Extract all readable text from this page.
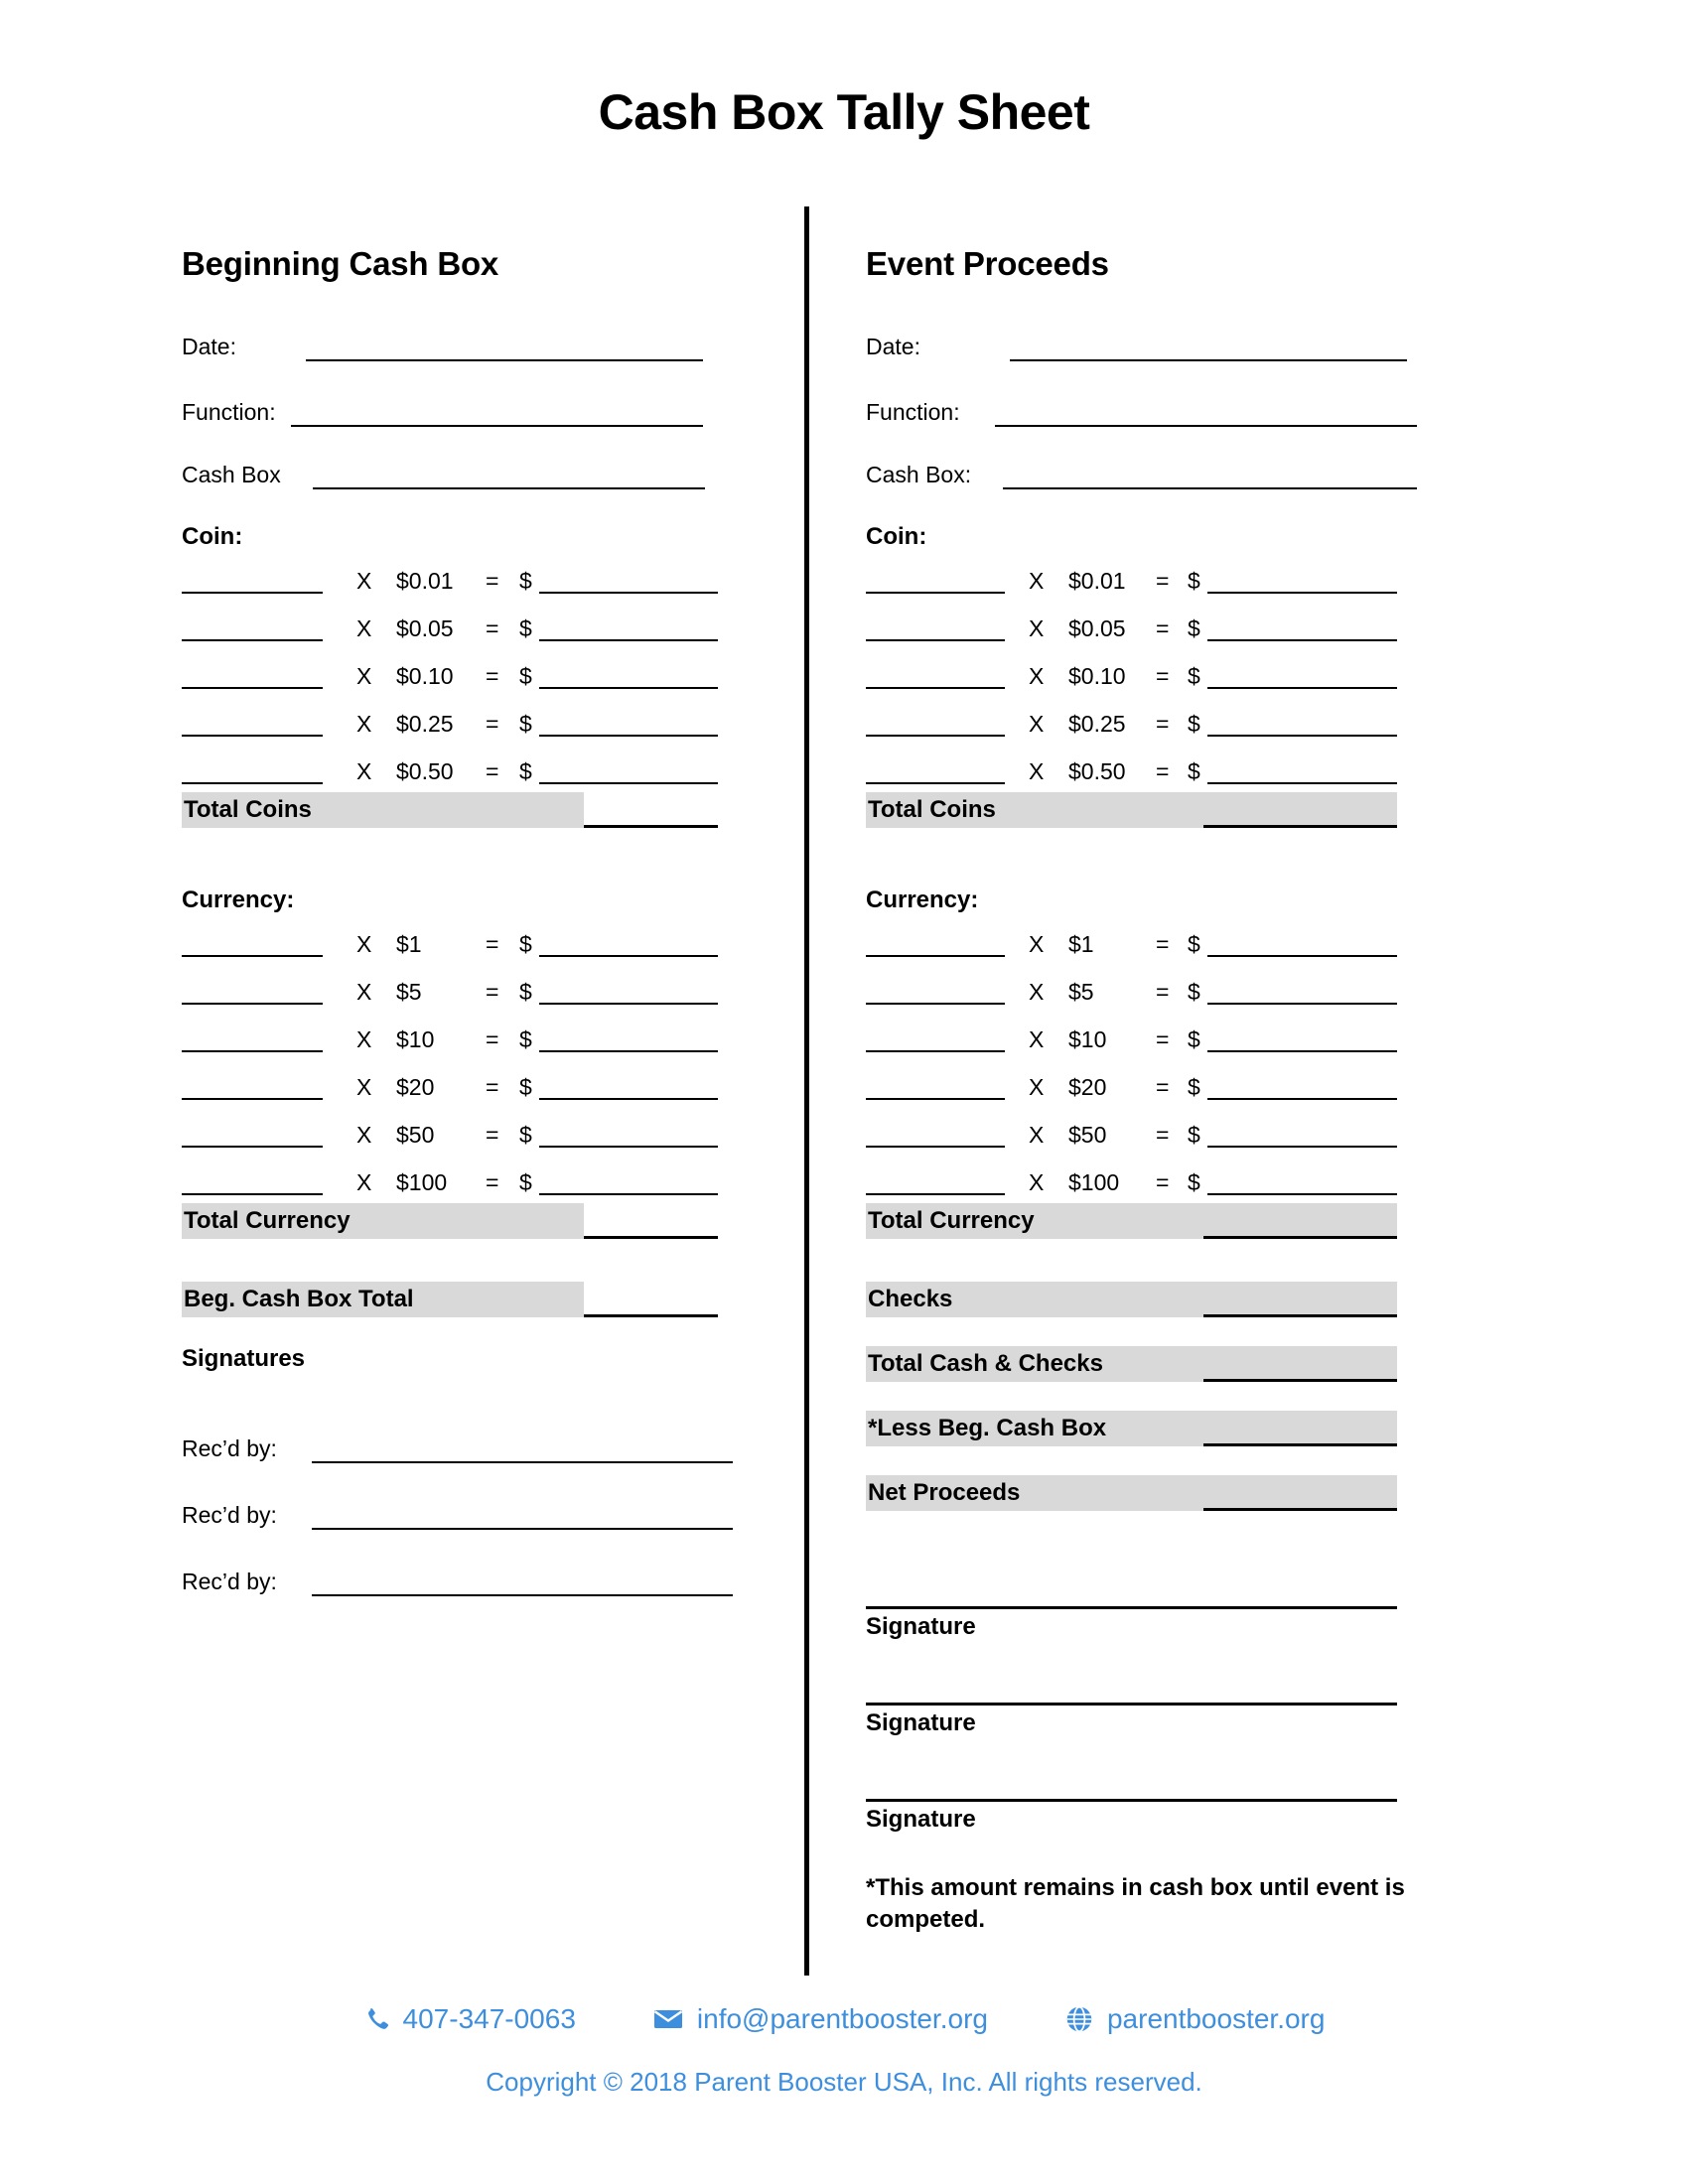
Cash Box Tally Sheet
Beginning Cash Box
Date:
Function:
Cash Box
Coin:
X	$0.01	= $
X	$0.05	= $
X	$0.10	= $
X	$0.25	= $
X	$0.50	= $
Total Coins
Currency:
X	$1	= $
X	$5	= $
X	$10	= $
X	$20	= $
X	$50	= $
X	$100	= $
Total Currency
Beg. Cash Box Total
Signatures
Rec’d by:
Rec’d by:
Rec’d by:
Event Proceeds
Date:
Function:
Cash Box:
Coin:
X	$0.01	= $
X	$0.05	= $
X	$0.10	= $
X	$0.25	= $
X	$0.50	= $
Total Coins
Currency:
X	$1	= $
X	$5	= $
X	$10	= $
X	$20	= $
X	$50	= $
X	$100	= $
Total Currency
Checks
Total Cash & Checks
*Less Beg. Cash Box
Net Proceeds
Signature
Signature
Signature
*This amount remains in cash box until event is competed.
407-347-0063	info@parentbooster.org	parentbooster.org
Copyright © 2018 Parent Booster USA, Inc. All rights reserved.
